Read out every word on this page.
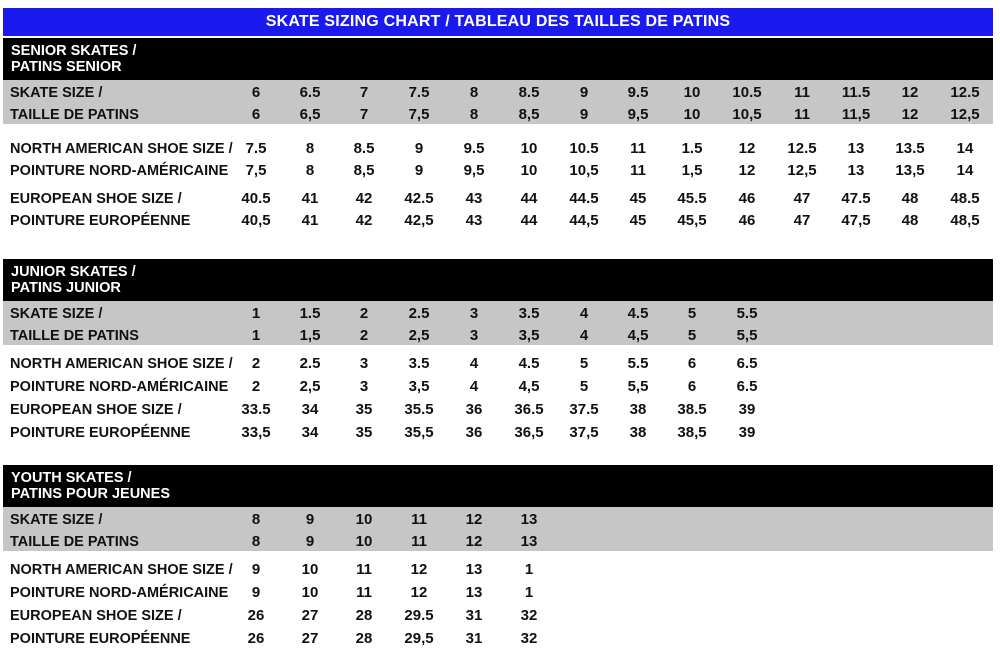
SKATE SIZING CHART / TABLEAU DES TAILLES DE PATINS
SENIOR SKATES /
PATINS SENIOR
SKATE SIZE /	6	6.5	7	7.5	8	8.5	9	9.5	10	10.5	11	11.5	12	12.5
TAILLE DE PATINS	6	6,5	7	7,5	8	8,5	9	9,5	10	10,5	11	11,5	12	12,5
NORTH AMERICAN SHOE SIZE / 7.5	8	8.5	9	9.5	10	10.5	11	1.5	12	12.5	13	13.5	14
POINTURE NORD-AMÉRICAINE	7,5	8	8,5	9	9,5	10	10,5	11	1,5	12	12,5	13	13,5	14
EUROPEAN SHOE SIZE /	40.5	41	42	42.5	43	44	44.5	45	45.5	46	47	47.5	48	48.5
POINTURE EUROPÉENNE	40,5	41	42	42,5	43	44	44,5	45	45,5	46	47	47,5	48	48,5
JUNIOR SKATES /
PATINS JUNIOR
SKATE SIZE /	1	1.5	2	2.5	3	3.5	4	4.5	5	5.5
TAILLE DE PATINS	1	1,5	2	2,5	3	3,5	4	4,5	5	5,5
NORTH AMERICAN SHOE SIZE /	2	2.5	3	3.5	4	4.5	5	5.5	6	6.5
POINTURE NORD-AMÉRICAINE	2	2,5	3	3,5	4	4,5	5	5,5	6	6.5
EUROPEAN SHOE SIZE /	33.5	34	35	35.5	36	36.5	37.5	38	38.5	39
POINTURE EUROPÉENNE	33,5	34	35	35,5	36	36,5	37,5	38	38,5	39
YOUTH SKATES /
PATINS POUR JEUNES
SKATE SIZE /	8	9	10	11	12	13
TAILLE DE PATINS	8	9	10	11	12	13
NORTH AMERICAN SHOE SIZE /	9	10	11	12	13	1
POINTURE NORD-AMÉRICAINE	9	10	11	12	13	1
EUROPEAN SHOE SIZE /	26	27	28	29.5	31	32
POINTURE EUROPÉENNE	26	27	28	29,5	31	32
